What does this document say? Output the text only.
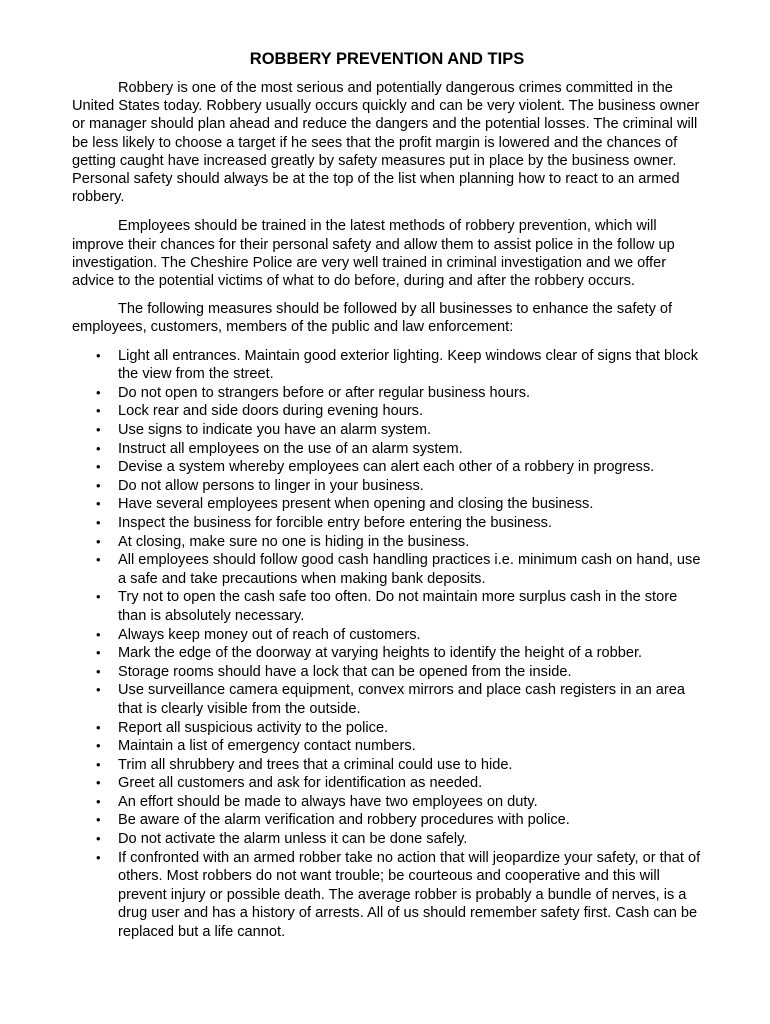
ROBBERY PREVENTION AND TIPS

Robbery is one of the most serious and potentially dangerous crimes committed in the United States today. Robbery usually occurs quickly and can be very violent. The business owner or manager should plan ahead and reduce the dangers and the potential losses. The criminal will be less likely to choose a target if he sees that the profit margin is lowered and the chances of getting caught have increased greatly by safety measures put in place by the business owner. Personal safety should always be at the top of the list when planning how to react to an armed robbery.

Employees should be trained in the latest methods of robbery prevention, which will improve their chances for their personal safety and allow them to assist police in the follow up investigation. The Cheshire Police are very well trained in criminal investigation and we offer advice to the potential victims of what to do before, during and after the robbery occurs.

The following measures should be followed by all businesses to enhance the safety of employees, customers, members of the public and law enforcement:

• Light all entrances. Maintain good exterior lighting. Keep windows clear of signs that block the view from the street.
• Do not open to strangers before or after regular business hours.
• Lock rear and side doors during evening hours.
• Use signs to indicate you have an alarm system.
• Instruct all employees on the use of an alarm system.
• Devise a system whereby employees can alert each other of a robbery in progress.
• Do not allow persons to linger in your business.
• Have several employees present when opening and closing the business.
• Inspect the business for forcible entry before entering the business.
• At closing, make sure no one is hiding in the business.
• All employees should follow good cash handling practices i.e. minimum cash on hand, use a safe and take precautions when making bank deposits.
• Try not to open the cash safe too often. Do not maintain more surplus cash in the store than is absolutely necessary.
• Always keep money out of reach of customers.
• Mark the edge of the doorway at varying heights to identify the height of a robber.
• Storage rooms should have a lock that can be opened from the inside.
• Use surveillance camera equipment, convex mirrors and place cash registers in an area that is clearly visible from the outside.
• Report all suspicious activity to the police.
• Maintain a list of emergency contact numbers.
• Trim all shrubbery and trees that a criminal could use to hide.
• Greet all customers and ask for identification as needed.
• An effort should be made to always have two employees on duty.
• Be aware of the alarm verification and robbery procedures with police.
• Do not activate the alarm unless it can be done safely.
• If confronted with an armed robber take no action that will jeopardize your safety, or that of others. Most robbers do not want trouble; be courteous and cooperative and this will prevent injury or possible death. The average robber is probably a bundle of nerves, is a drug user and has a history of arrests. All of us should remember safety first. Cash can be replaced but a life cannot.
